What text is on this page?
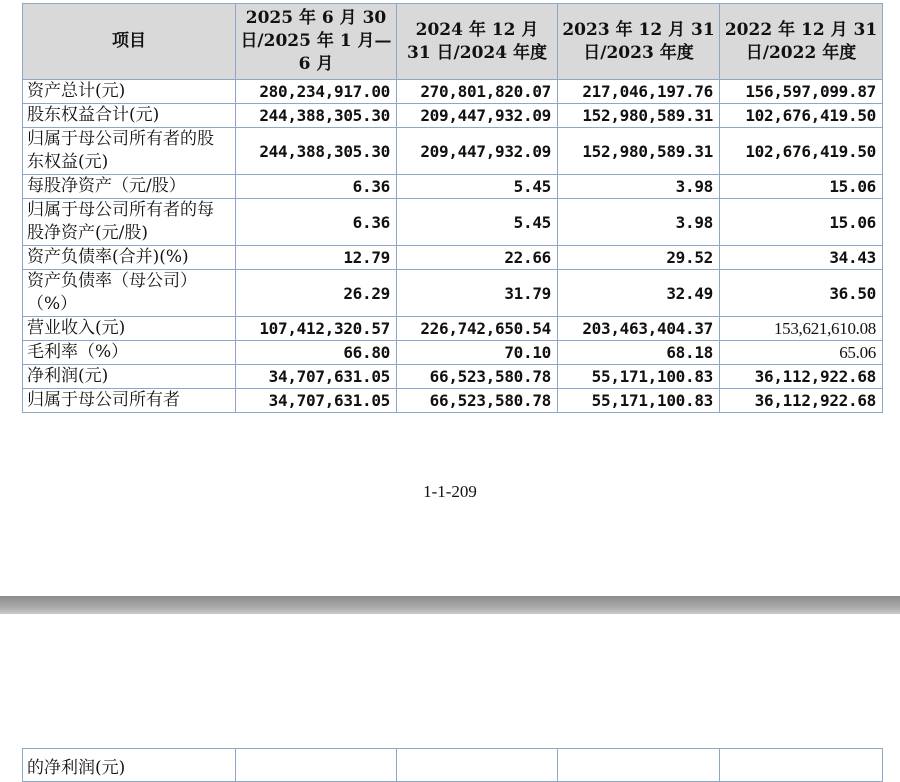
项目	2025 年 6 月 30 日/2025 年 1 月—6 月	2024 年 12 月 31 日/2024 年度	2023 年 12 月 31 日/2023 年度	2022 年 12 月 31 日/2022 年度
资产总计(元)	280,234,917.00	270,801,820.07	217,046,197.76	156,597,099.87
股东权益合计(元)	244,388,305.30	209,447,932.09	152,980,589.31	102,676,419.50
归属于母公司所有者的股东权益(元)	244,388,305.30	209,447,932.09	152,980,589.31	102,676,419.50
每股净资产（元/股）	6.36	5.45	3.98	15.06
归属于母公司所有者的每股净资产(元/股)	6.36	5.45	3.98	15.06
资产负债率(合并)(%)	12.79	22.66	29.52	34.43
资产负债率（母公司）（%）	26.29	31.79	32.49	36.50
营业收入(元)	107,412,320.57	226,742,650.54	203,463,404.37	153,621,610.08
毛利率（%）	66.80	70.10	68.18	65.06
净利润(元)	34,707,631.05	66,523,580.78	55,171,100.83	36,112,922.68
归属于母公司所有者	34,707,631.05	66,523,580.78	55,171,100.83	36,112,922.68
1-1-209
的净利润(元)				
